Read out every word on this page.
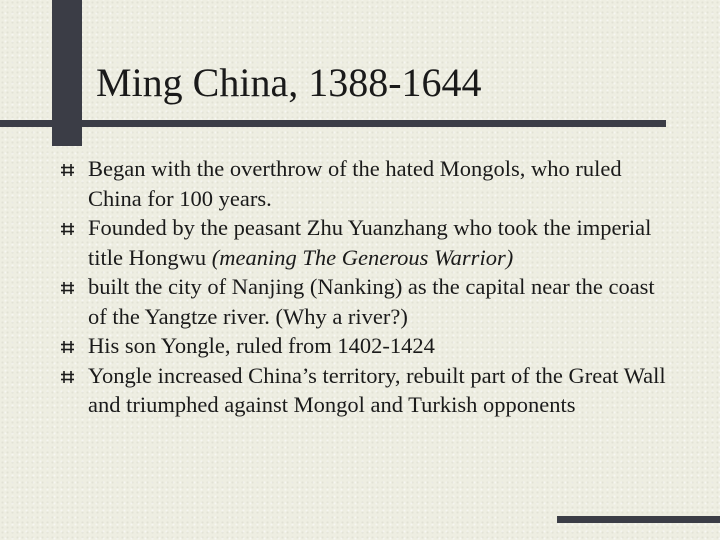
Ming China, 1388-1644
Began with the overthrow of the hated Mongols, who ruled China for 100 years.
Founded by the peasant Zhu Yuanzhang who took the imperial title Hongwu (meaning The Generous Warrior)
built the city of Nanjing (Nanking) as the capital near the coast of the Yangtze river. (Why a river?)
His son Yongle, ruled from 1402-1424
Yongle increased China’s territory, rebuilt part of the Great Wall and triumphed against Mongol and Turkish opponents
